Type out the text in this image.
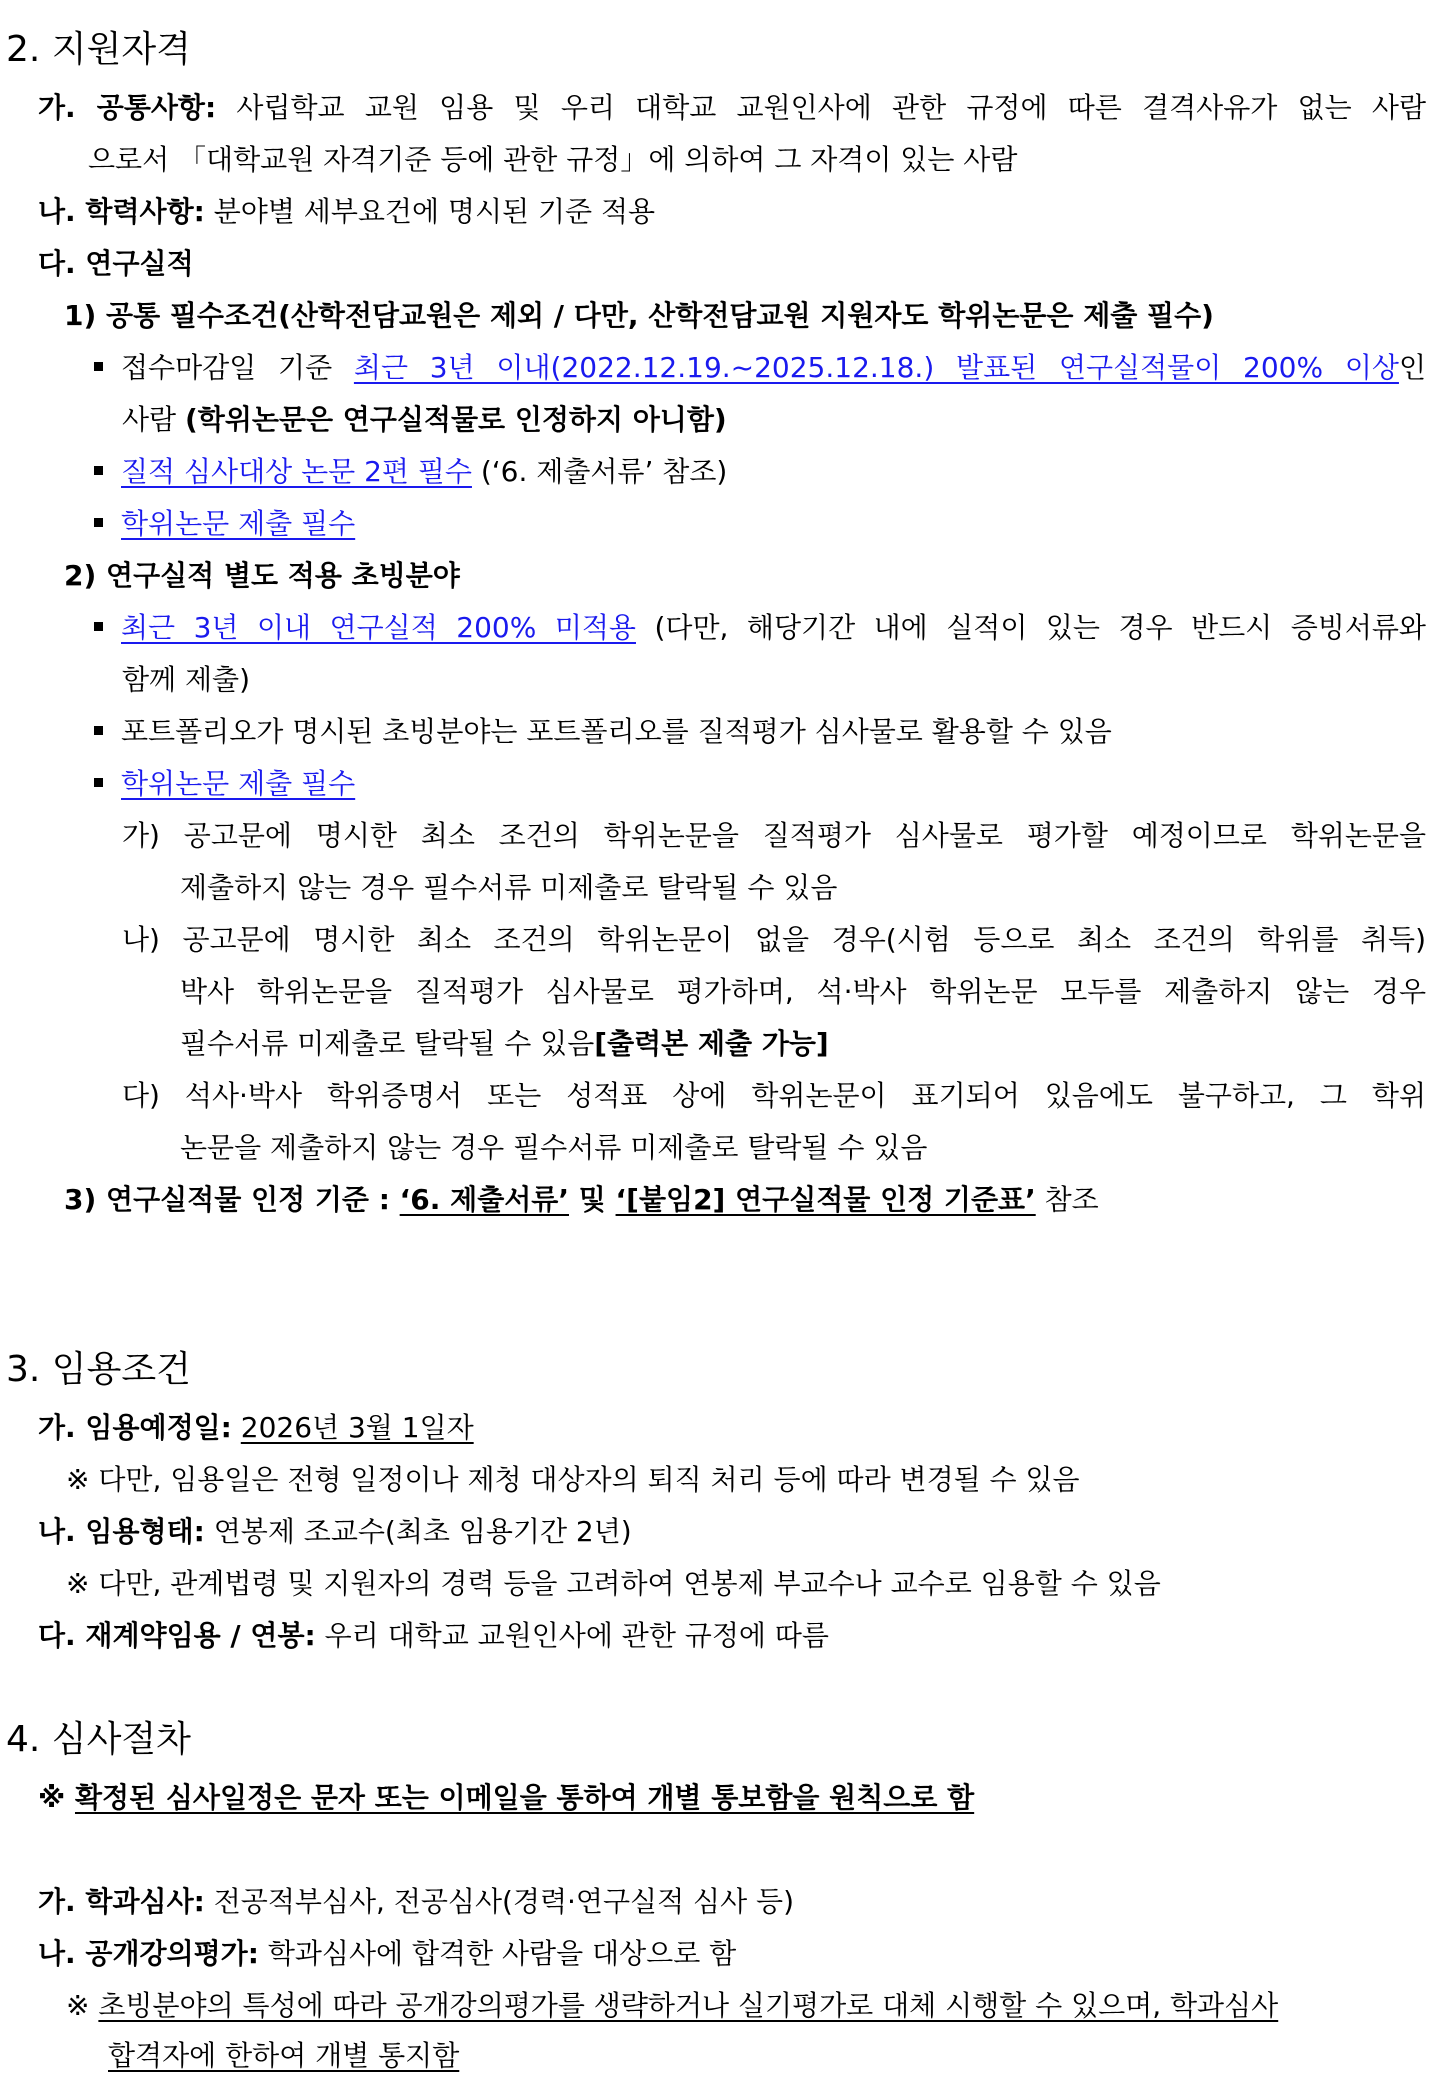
2. 지원자격
가. 공통사항: 사립학교 교원 임용 및 우리 대학교 교원인사에 관한 규정에 따른 결격사유가 없는 사람
으로서 「대학교원 자격기준 등에 관한 규정」에 의하여 그 자격이 있는 사람
나. 학력사항: 분야별 세부요건에 명시된 기준 적용
다. 연구실적
1) 공통 필수조건(산학전담교원은 제외 / 다만, 산학전담교원 지원자도 학위논문은 제출 필수)
접수마감일 기준 최근 3년 이내(2022.12.19.~2025.12.18.) 발표된 연구실적물이 200% 이상인
사람 (학위논문은 연구실적물로 인정하지 아니함)
질적 심사대상 논문 2편 필수 (‘6. 제출서류’ 참조)
학위논문 제출 필수
2) 연구실적 별도 적용 초빙분야
최근 3년 이내 연구실적 200% 미적용 (다만, 해당기간 내에 실적이 있는 경우 반드시 증빙서류와
함께 제출)
포트폴리오가 명시된 초빙분야는 포트폴리오를 질적평가 심사물로 활용할 수 있음
학위논문 제출 필수
가) 공고문에 명시한 최소 조건의 학위논문을 질적평가 심사물로 평가할 예정이므로 학위논문을
제출하지 않는 경우 필수서류 미제출로 탈락될 수 있음
나) 공고문에 명시한 최소 조건의 학위논문이 없을 경우(시험 등으로 최소 조건의 학위를 취득)
박사 학위논문을 질적평가 심사물로 평가하며, 석·박사 학위논문 모두를 제출하지 않는 경우
필수서류 미제출로 탈락될 수 있음[출력본 제출 가능]
다) 석사·박사 학위증명서 또는 성적표 상에 학위논문이 표기되어 있음에도 불구하고, 그 학위
논문을 제출하지 않는 경우 필수서류 미제출로 탈락될 수 있음
3) 연구실적물 인정 기준 : ‘6. 제출서류’ 및 ‘[붙임2] 연구실적물 인정 기준표’ 참조
3. 임용조건
가. 임용예정일: 2026년 3월 1일자
※ 다만, 임용일은 전형 일정이나 제청 대상자의 퇴직 처리 등에 따라 변경될 수 있음
나. 임용형태: 연봉제 조교수(최초 임용기간 2년)
※ 다만, 관계법령 및 지원자의 경력 등을 고려하여 연봉제 부교수나 교수로 임용할 수 있음
다. 재계약임용 / 연봉: 우리 대학교 교원인사에 관한 규정에 따름
4. 심사절차
※ 확정된 심사일정은 문자 또는 이메일을 통하여 개별 통보함을 원칙으로 함
가. 학과심사: 전공적부심사, 전공심사(경력·연구실적 심사 등)
나. 공개강의평가: 학과심사에 합격한 사람을 대상으로 함
※ 초빙분야의 특성에 따라 공개강의평가를 생략하거나 실기평가로 대체 시행할 수 있으며, 학과심사
합격자에 한하여 개별 통지함
